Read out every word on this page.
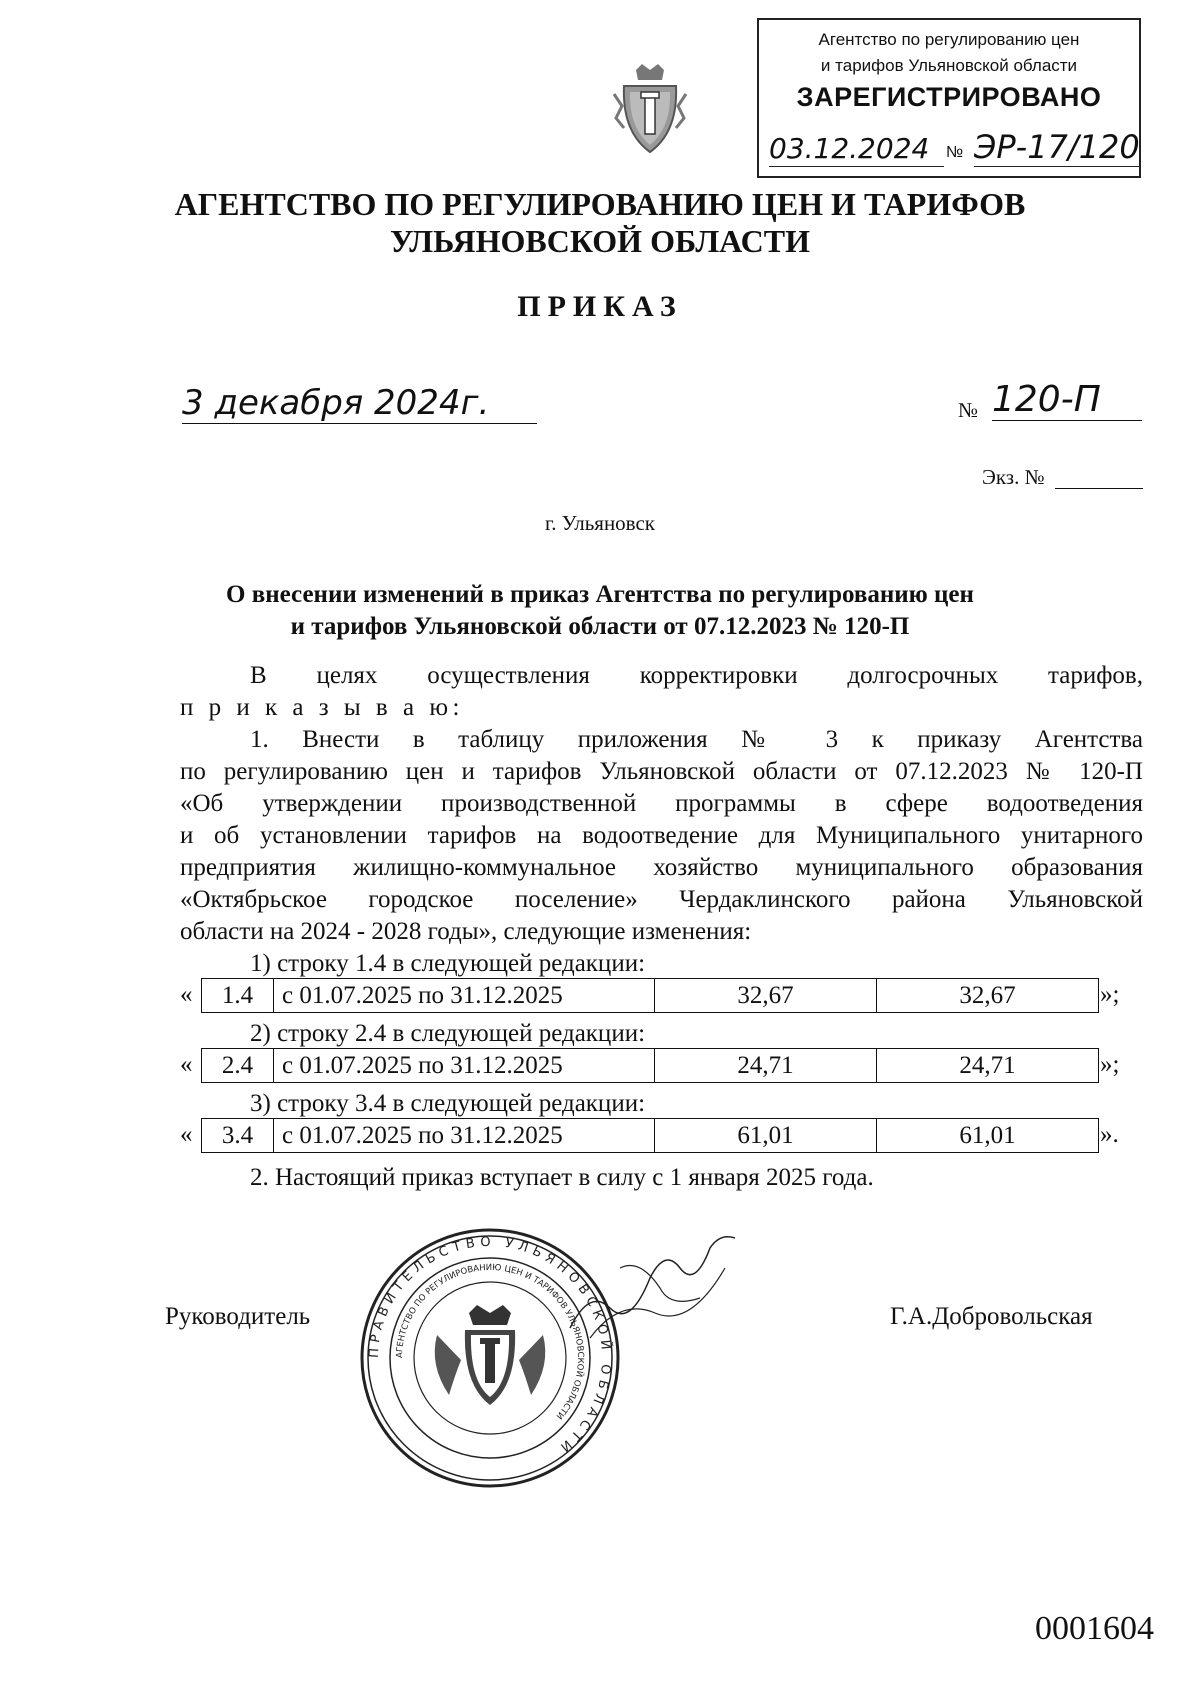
Агентство по регулированию цен
и тарифов Ульяновской области
ЗАРЕГИСТРИРОВАНО
03.12.2024	№ ЭР-17/120
АГЕНТСТВО ПО РЕГУЛИРОВАНИЮ ЦЕН И ТАРИФОВ
УЛЬЯНОВСКОЙ ОБЛАСТИ
ПРИКАЗ
3 декабря 2024г.	№ 120-П
Экз. №
г. Ульяновск
О внесении изменений в приказ Агентства по регулированию цен
и тарифов Ульяновской области от 07.12.2023 № 120-П
В целях осуществления корректировки долгосрочных тарифов,
п р и к а з ы в а ю:
1. Внести в таблицу приложения № 3 к приказу Агентства
по регулированию цен и тарифов Ульяновской области от 07.12.2023 № 120-П
«Об утверждении производственной программы в сфере водоотведения
и об установлении тарифов на водоотведение для Муниципального унитарного
предприятия жилищно-коммунальное хозяйство муниципального образования
«Октябрьское городское поселение» Чердаклинского района Ульяновской
области на 2024 - 2028 годы», следующие изменения:
1) строку 1.4 в следующей редакции:
« 1.4	с 01.07.2025 по 31.12.2025	32,67	32,67	»;
2) строку 2.4 в следующей редакции:
« 2.4	с 01.07.2025 по 31.12.2025	24,71	24,71	»;
3) строку 3.4 в следующей редакции:
« 3.4	с 01.07.2025 по 31.12.2025	61,01	61,01	».
2. Настоящий приказ вступает в силу с 1 января 2025 года.
ПРАВИТЕЛЬСТВО УЛЬЯНОВСКОЙ ОБЛАСТИ
АГЕНТСТВО ПО РЕГУЛИРОВАНИЮ ЦЕН И ТАРИФОВ УЛЬЯНОВСКОЙ ОБЛАСТИ
Руководитель	Г.А.Добровольская
0001604
